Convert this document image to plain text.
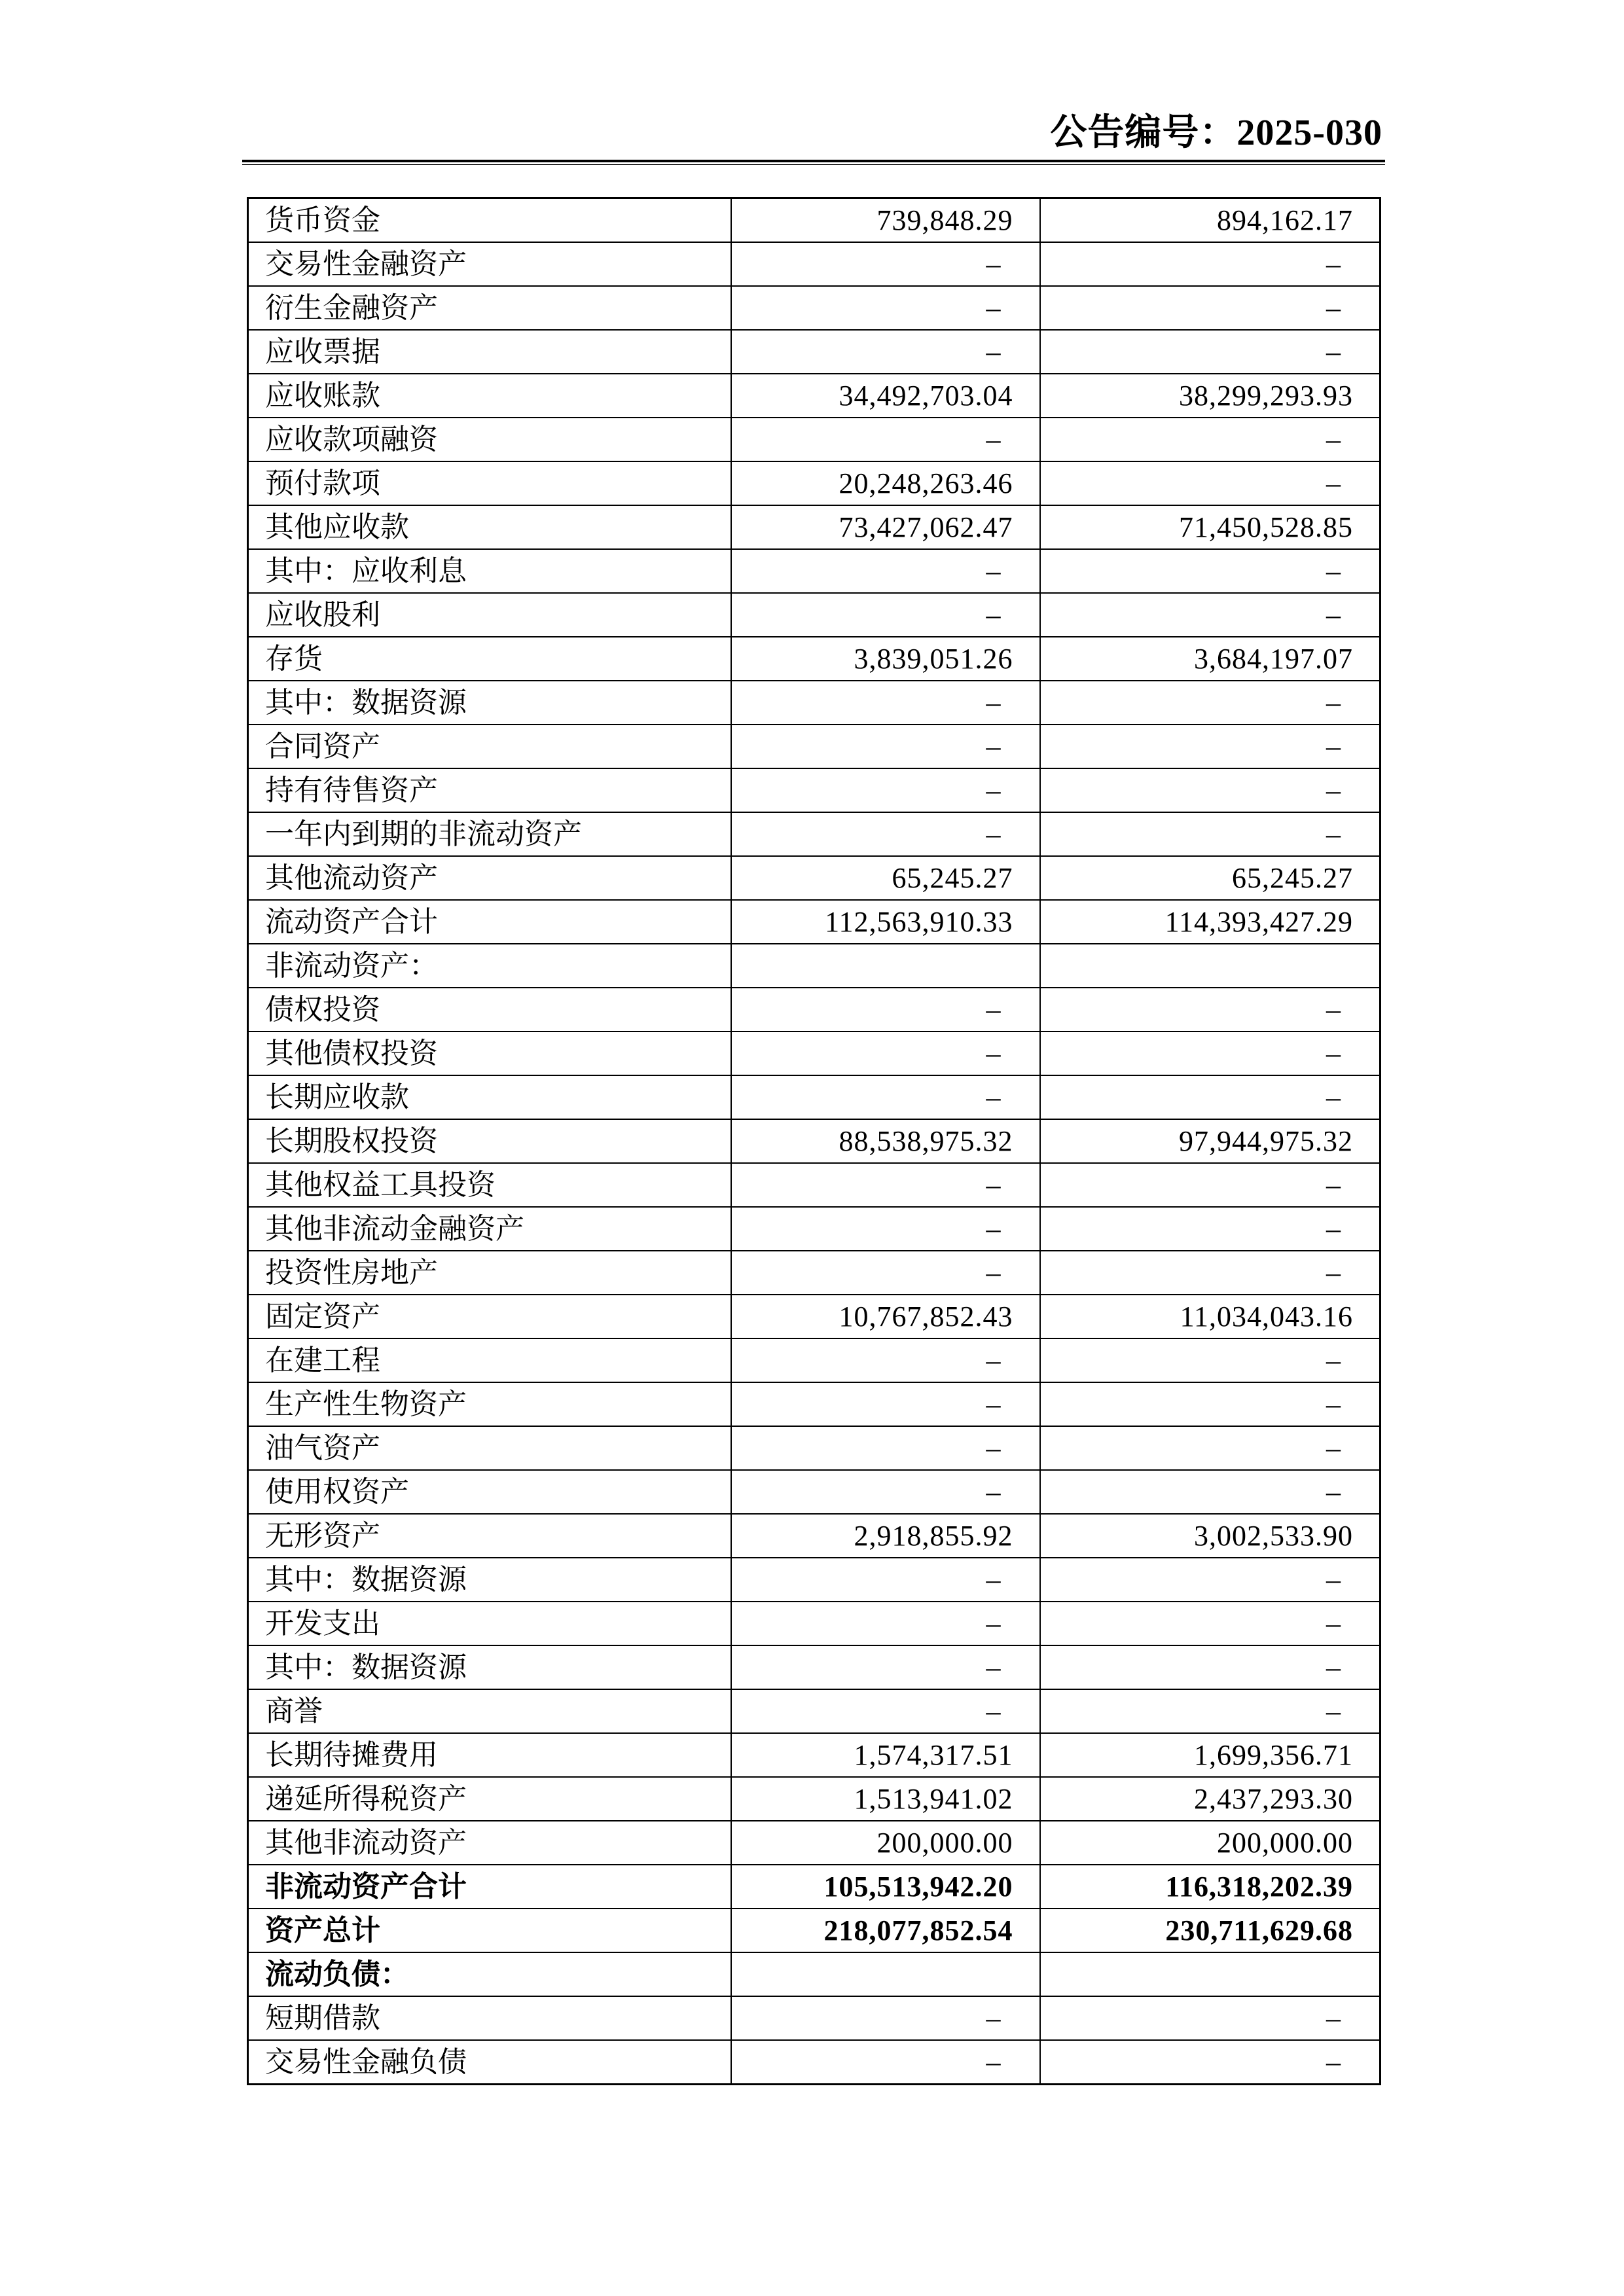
公告编号：2025-030
货币资金	739,848.29	894,162.17
交易性金融资产	–	–
衍生金融资产	–	–
应收票据	–	–
应收账款	34,492,703.04	38,299,293.93
应收款项融资	–	–
预付款项	20,248,263.46	–
其他应收款	73,427,062.47	71,450,528.85
其中：应收利息	–	–
应收股利	–	–
存货	3,839,051.26	3,684,197.07
其中：数据资源	–	–
合同资产	–	–
持有待售资产	–	–
一年内到期的非流动资产	–	–
其他流动资产	65,245.27	65,245.27
流动资产合计	112,563,910.33	114,393,427.29
非流动资产：		
债权投资	–	–
其他债权投资	–	–
长期应收款	–	–
长期股权投资	88,538,975.32	97,944,975.32
其他权益工具投资	–	–
其他非流动金融资产	–	–
投资性房地产	–	–
固定资产	10,767,852.43	11,034,043.16
在建工程	–	–
生产性生物资产	–	–
油气资产	–	–
使用权资产	–	–
无形资产	2,918,855.92	3,002,533.90
其中：数据资源	–	–
开发支出	–	–
其中：数据资源	–	–
商誉	–	–
长期待摊费用	1,574,317.51	1,699,356.71
递延所得税资产	1,513,941.02	2,437,293.30
其他非流动资产	200,000.00	200,000.00
非流动资产合计	105,513,942.20	116,318,202.39
资产总计	218,077,852.54	230,711,629.68
流动负债：		
短期借款	–	–
交易性金融负债	–	–
